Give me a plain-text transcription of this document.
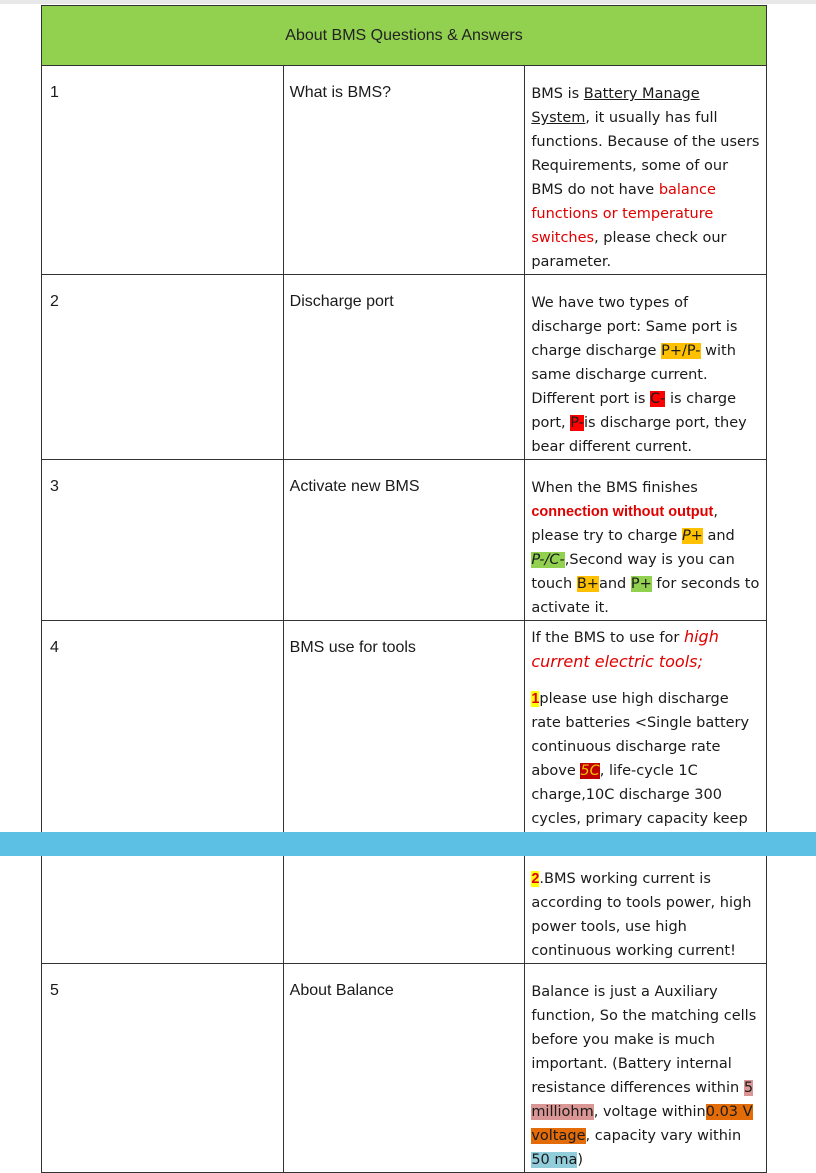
About BMS Questions & Answers		
1	What is BMS?	BMS is Battery Manage System, it usually has full functions. Because of the users Requirements, some of our BMS do not have balance functions or temperature switches, please check our parameter.

2	Discharge port	We have two types of discharge port: Same port is charge discharge P+/P- with same discharge current. Different port is C- is charge port, P-is discharge port, they bear different current.

3	Activate new BMS	When the BMS finishes connection without output, please try to charge P+ and P-/C-,Second way is you can touch B+and P+ for seconds to activate it.

4	BMS use for tools	If the BMS to use for high current electric tools;

1please use high discharge rate batteries <Single battery continuous discharge rate above 5C, life-cycle 1C charge,10C discharge 300 cycles, primary capacity keep

2.BMS working current is according to tools power, high power tools, use high continuous working current!

5	About Balance	Balance is just a Auxiliary function, So the matching cells before you make is much important. (Battery internal resistance differences within 5 milliohm, voltage within0.03 V voltage, capacity vary within 50 ma)
